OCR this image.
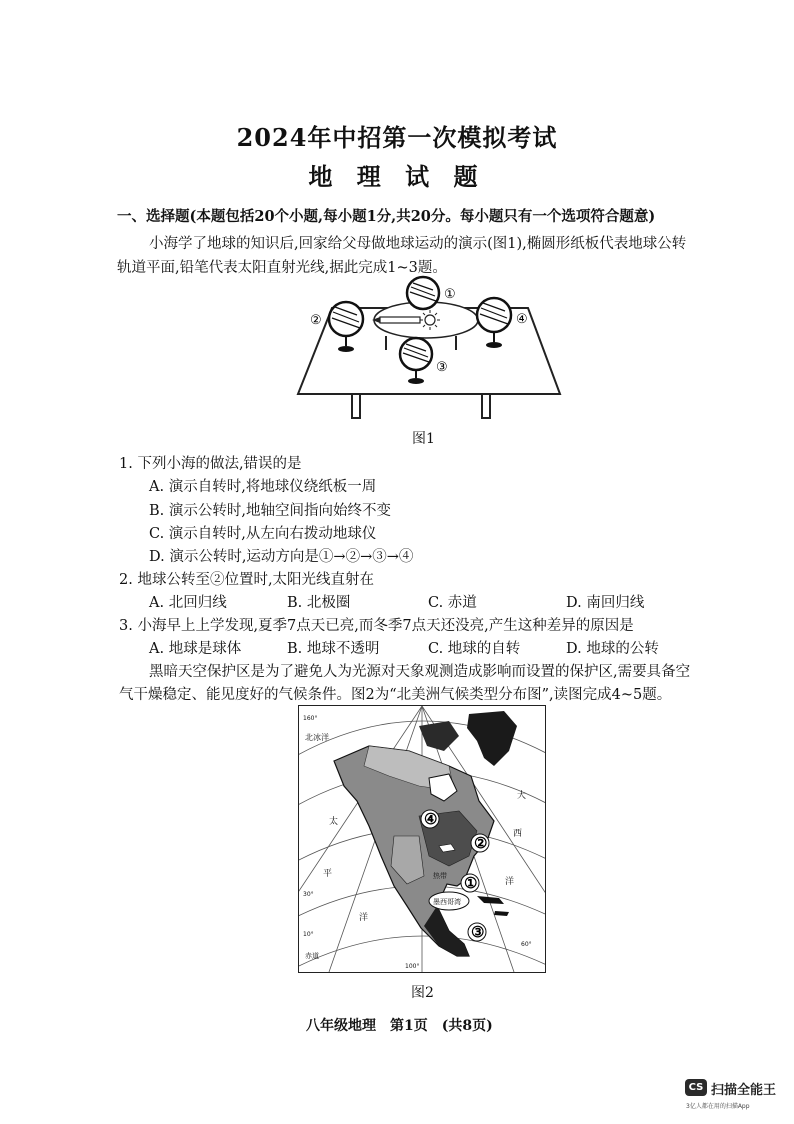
2024年中招第一次模拟考试
地 理 试 题
一、选择题(本题包括20个小题,每小题1分,共20分。每小题只有一个选项符合题意)
小海学了地球的知识后,回家给父母做地球运动的演示(图1),椭圆形纸板代表地球公转
轨道平面,铅笔代表太阳直射光线,据此完成1~3题。
①
②
③
④
图1
1. 下列小海的做法,错误的是
A. 演示自转时,将地球仪绕纸板一周
B. 演示公转时,地轴空间指向始终不变
C. 演示自转时,从左向右拨动地球仪
D. 演示公转时,运动方向是①→②→③→④
2. 地球公转至②位置时,太阳光线直射在
A. 北回归线	B. 北极圈	C. 赤道	D. 南回归线
3. 小海早上上学发现,夏季7点天已亮,而冬季7点天还没亮,产生这种差异的原因是
A. 地球是球体	B. 地球不透明	C. 地球的自转	D. 地球的公转
黑暗天空保护区是为了避免人为光源对天象观测造成影响而设置的保护区,需要具备空
气干燥稳定、能见度好的气候条件。图2为“北美洲气候类型分布图”,读图完成4~5题。
④
②
①
③
北冰洋
太
平
洋
大
西
洋
热带
赤道
墨西哥湾
160°
100°
60°
30°
10°
图2
八年级地理　第1页　(共8页)
CS 扫描全能王
3亿人都在用的扫描App
